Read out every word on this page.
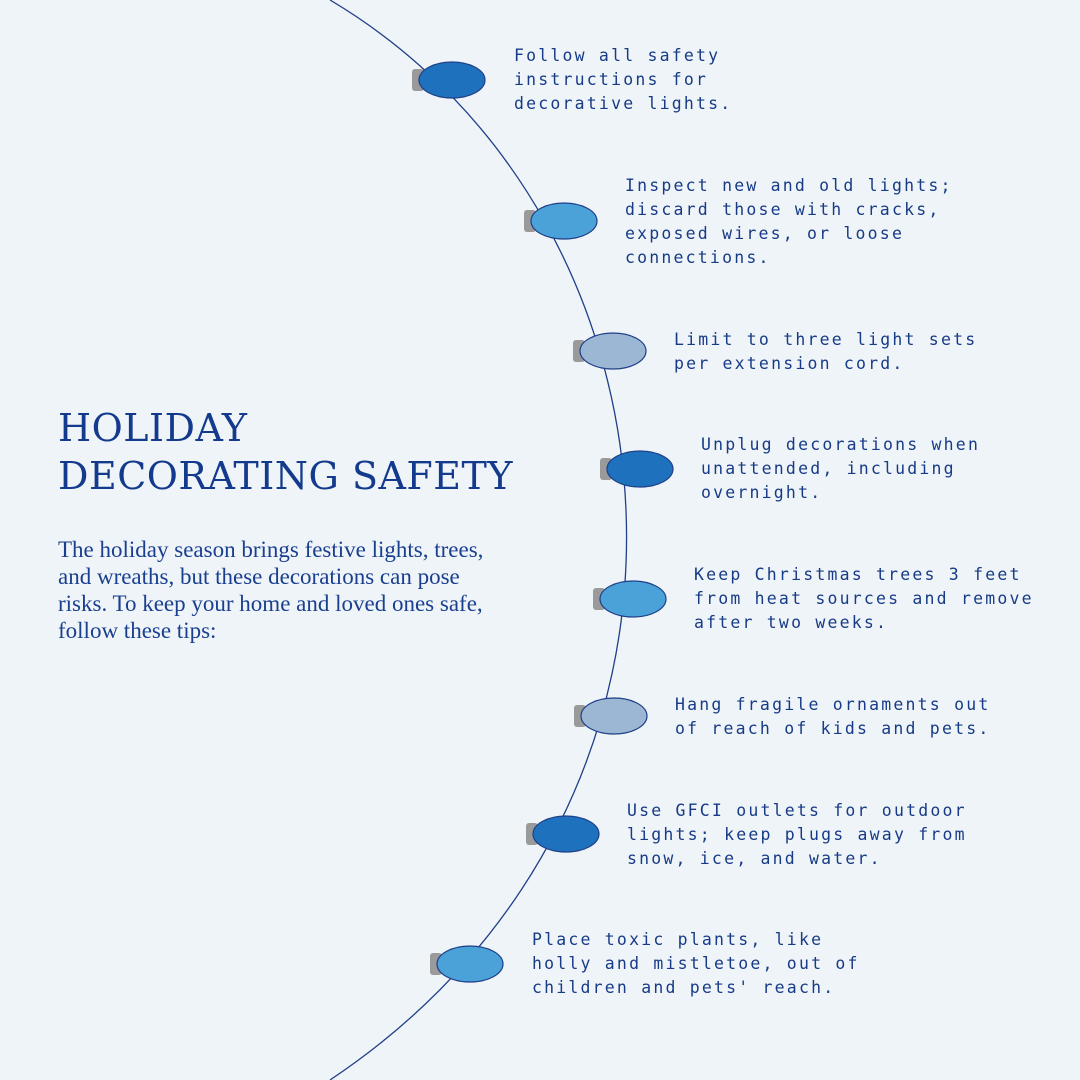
HOLIDAY
DECORATING SAFETY

The holiday season brings festive lights, trees, and wreaths, but these decorations can pose risks. To keep your home and loved ones safe, follow these tips:

Follow all safety
instructions for
decorative lights.

Inspect new and old lights;
discard those with cracks,
exposed wires, or loose
connections.

Limit to three light sets
per extension cord.

Unplug decorations when
unattended, including
overnight.

Keep Christmas trees 3 feet
from heat sources and remove
after two weeks.

Hang fragile ornaments out
of reach of kids and pets.

Use GFCI outlets for outdoor
lights; keep plugs away from
snow, ice, and water.

Place toxic plants, like
holly and mistletoe, out of
children and pets' reach.
